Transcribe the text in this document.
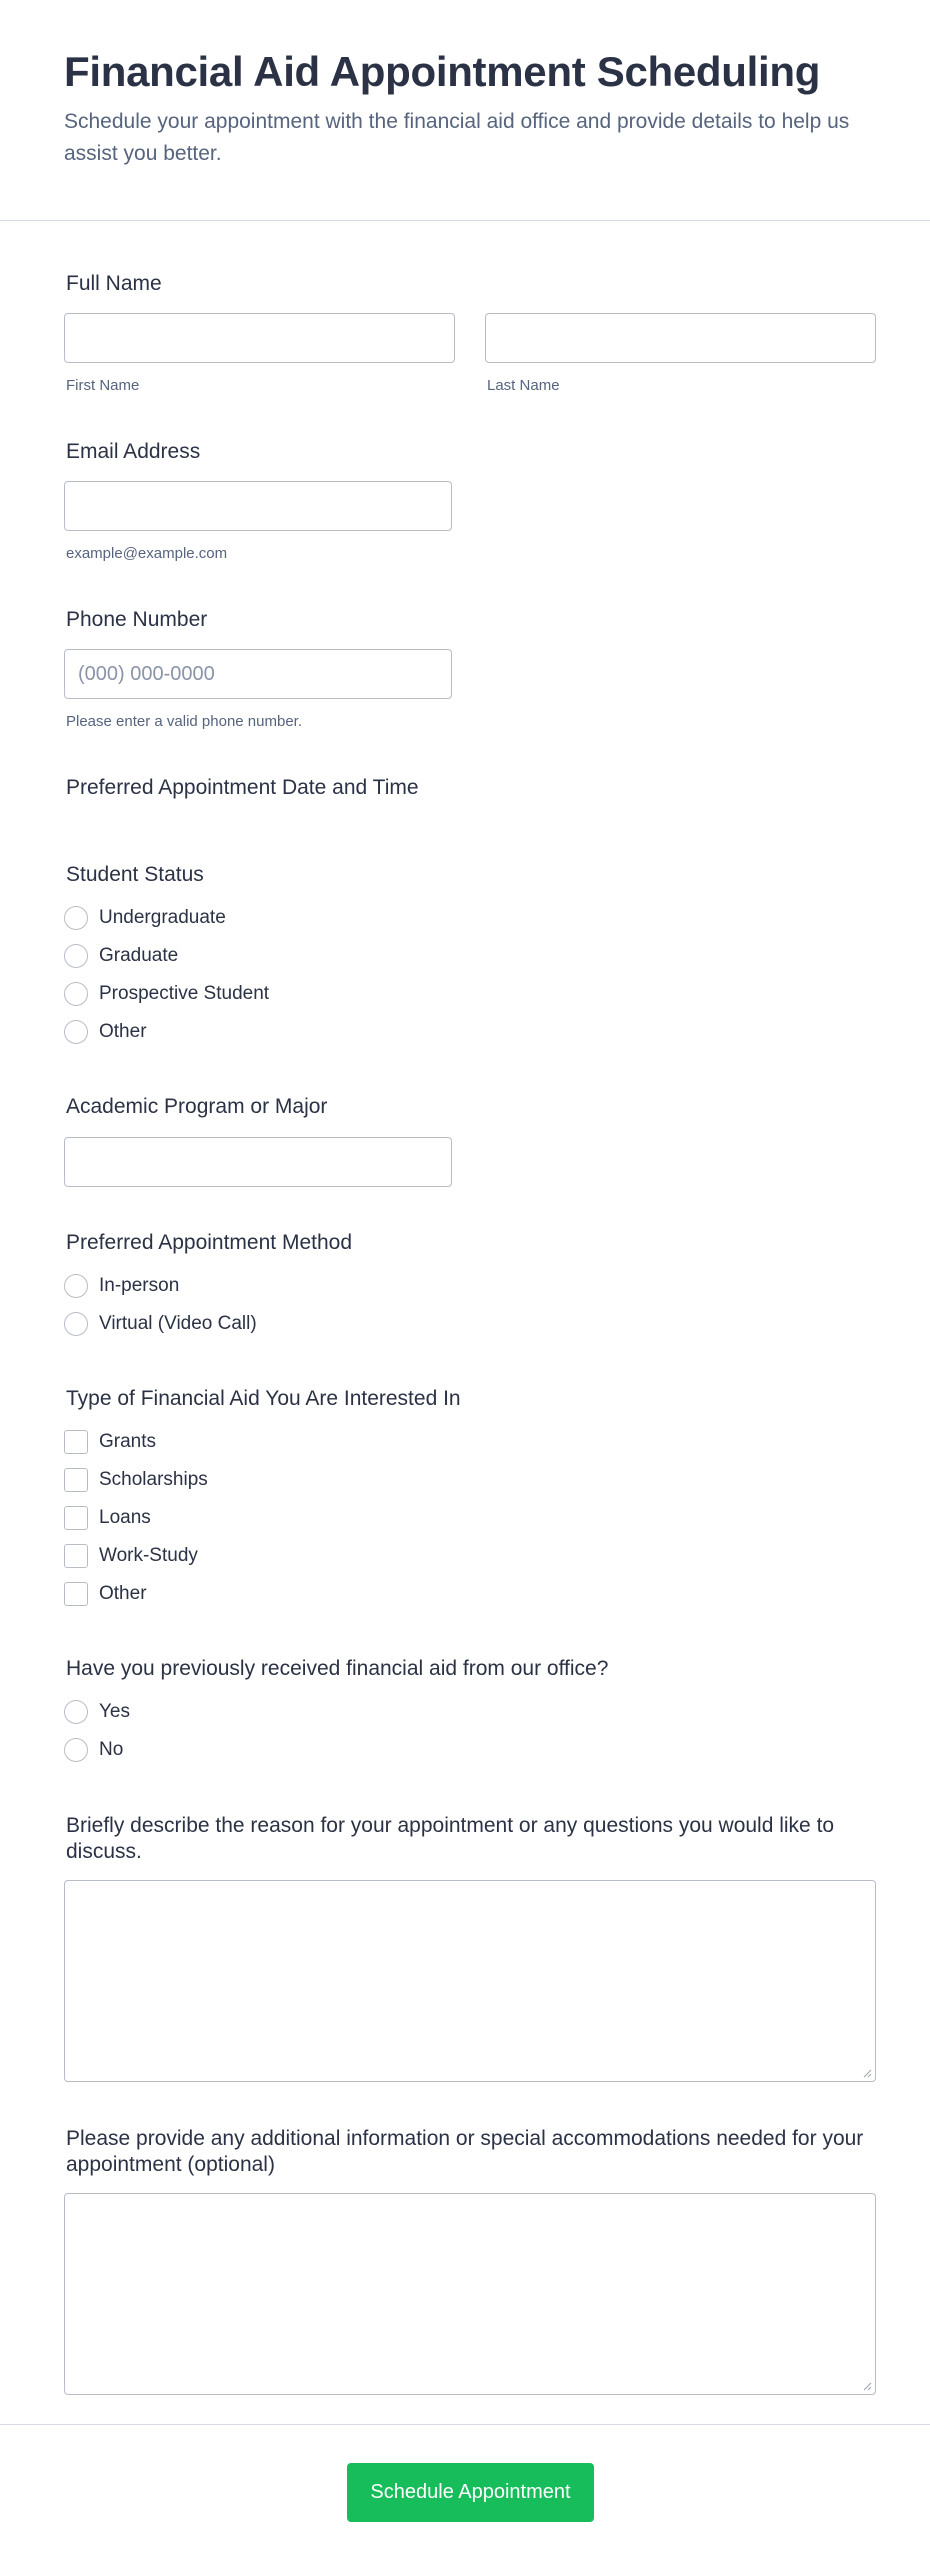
Financial Aid Appointment Scheduling
Schedule your appointment with the financial aid office and provide details to help us assist you better.
Full Name
First Name	Last Name
Email Address
example@example.com
Phone Number
(000) 000-0000
Please enter a valid phone number.
Preferred Appointment Date and Time
Student Status
Undergraduate
Graduate
Prospective Student
Other
Academic Program or Major
Preferred Appointment Method
In-person
Virtual (Video Call)
Type of Financial Aid You Are Interested In
Grants
Scholarships
Loans
Work-Study
Other
Have you previously received financial aid from our office?
Yes
No
Briefly describe the reason for your appointment or any questions you would like to discuss.
Please provide any additional information or special accommodations needed for your appointment (optional)
Schedule Appointment
